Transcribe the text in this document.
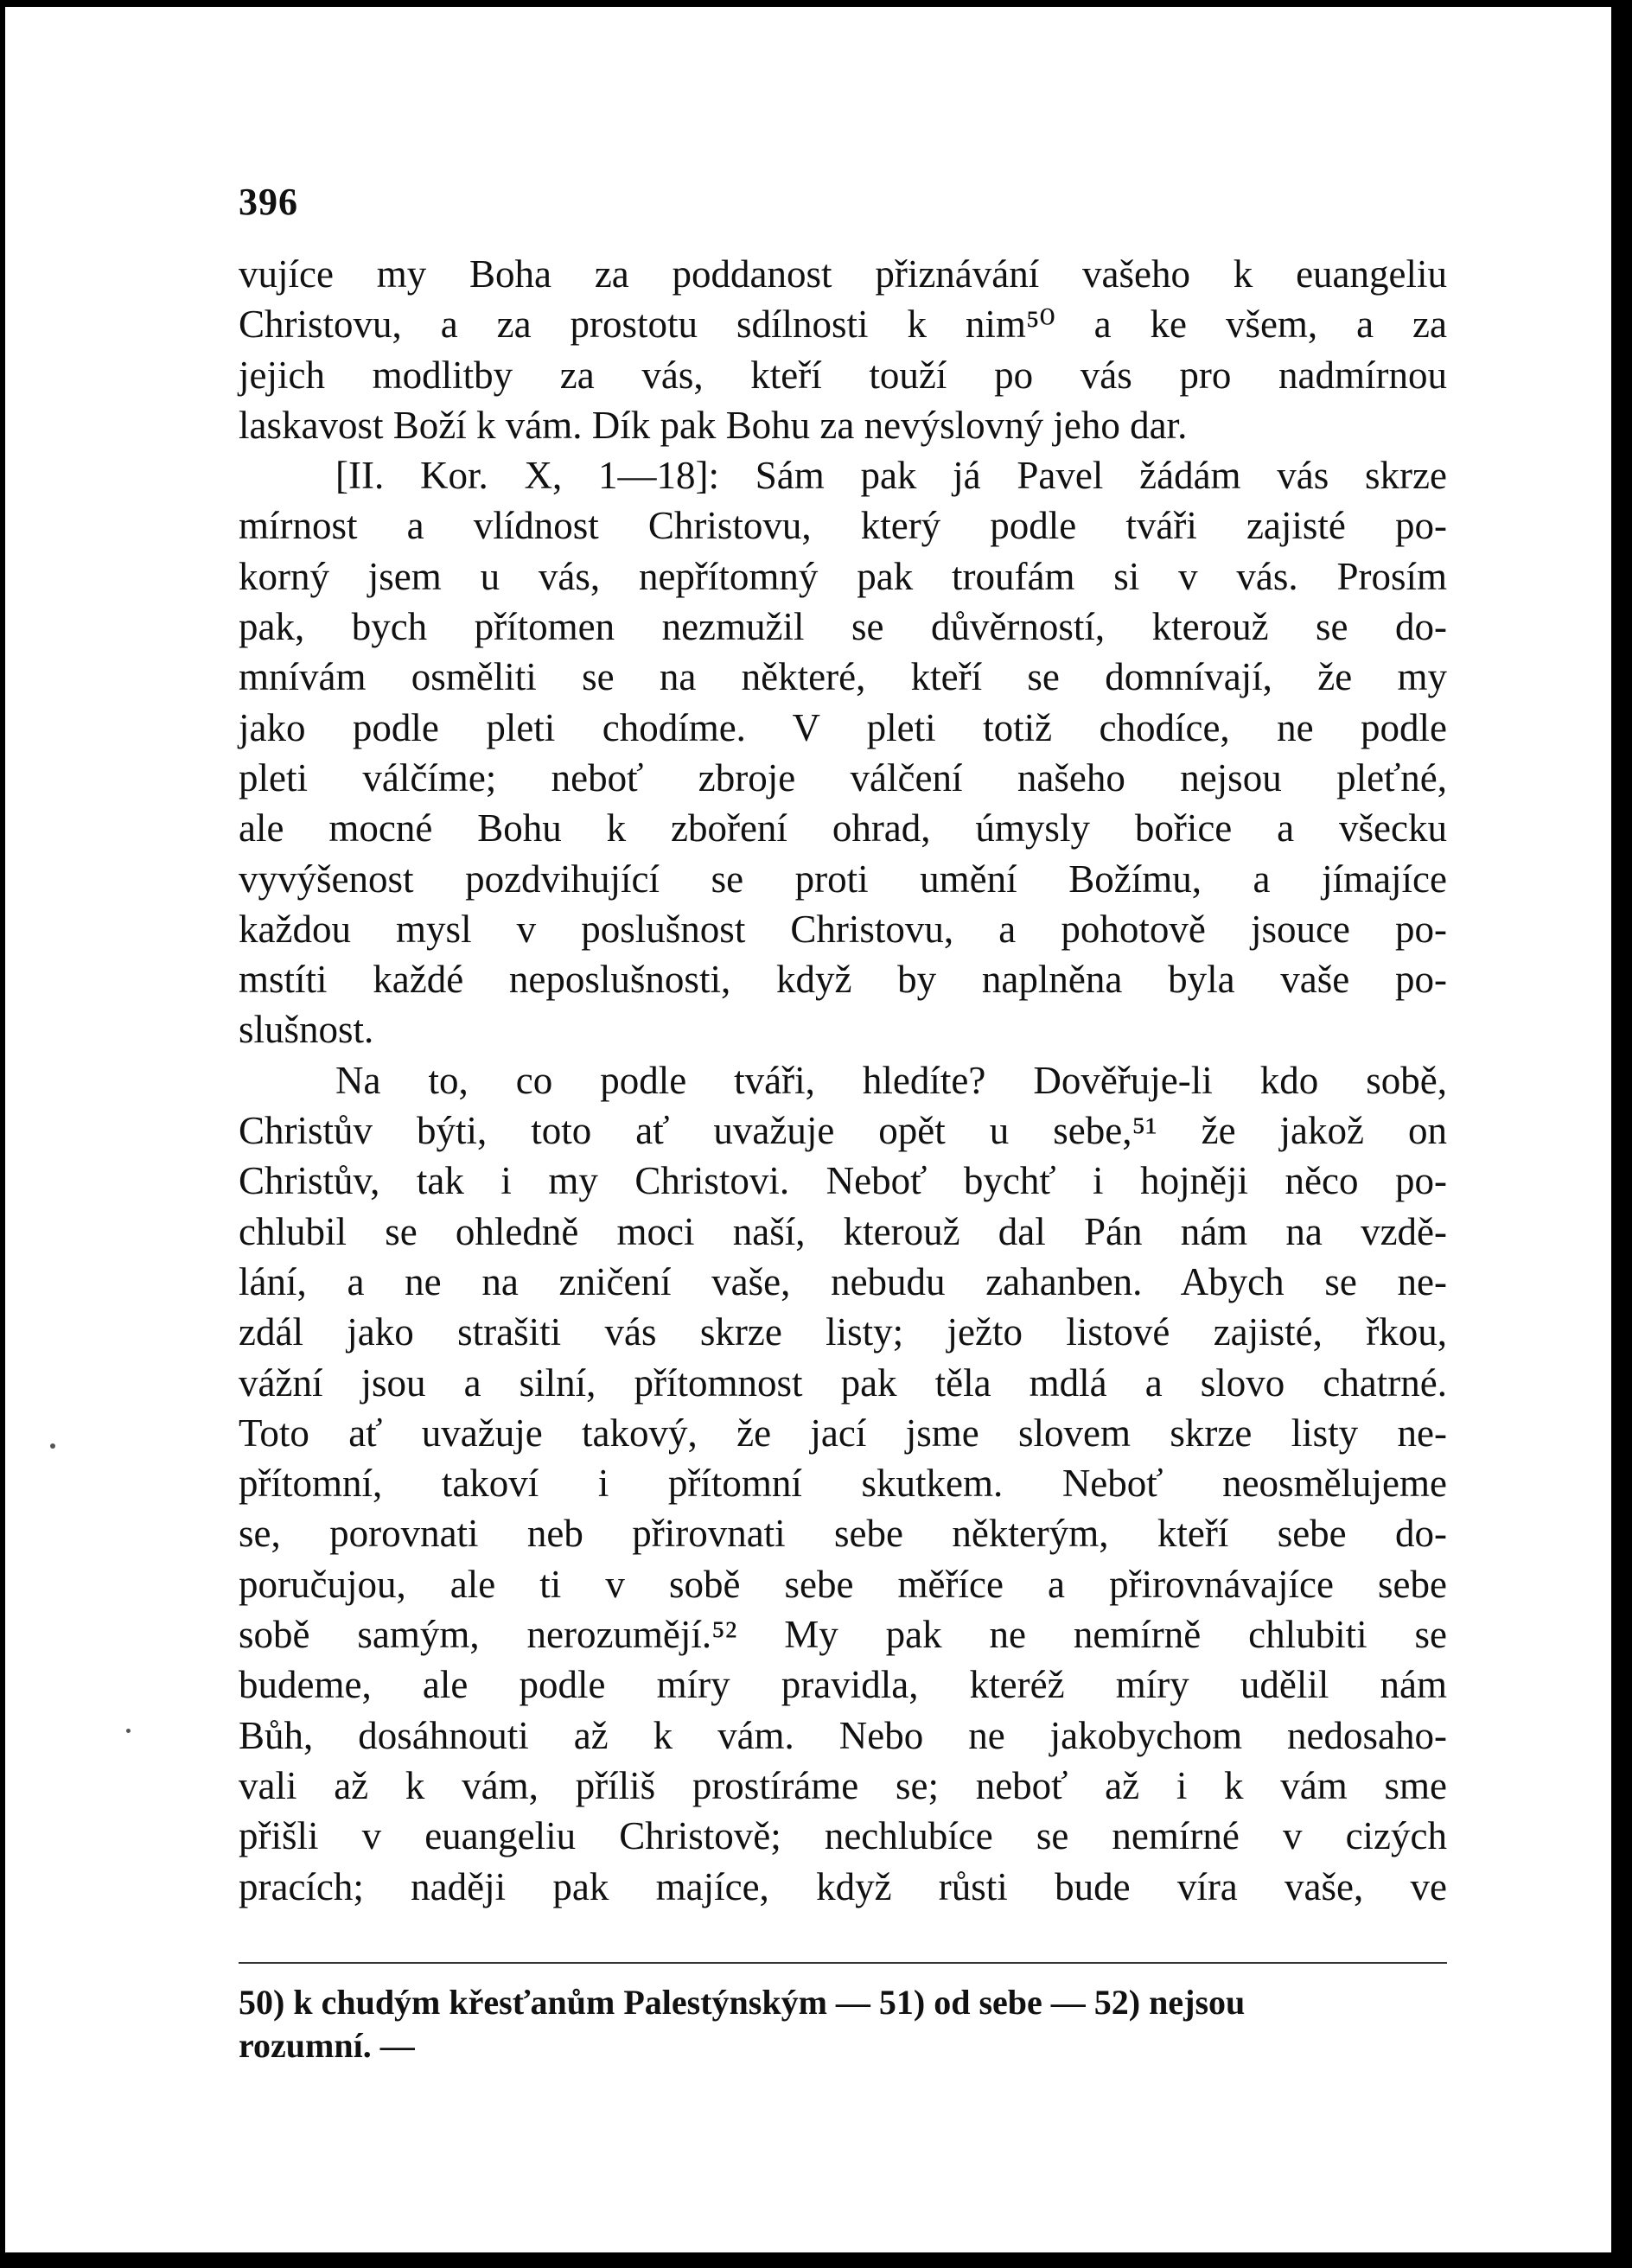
396
vujíce my Boha za poddanost přiznávání vašeho k euangeliu
Christovu, a za prostotu sdílnosti k nim⁵⁰ a ke všem, a za
jejich modlitby za vás, kteří touží po vás pro nadmírnou
laskavost Boží k vám. Dík pak Bohu za nevýslovný jeho dar.
[II. Kor. X, 1—18]: Sám pak já Pavel žádám vás skrze
mírnost a vlídnost Christovu, který podle tváři zajisté po-
korný jsem u vás, nepřítomný pak troufám si v vás. Prosím
pak, bych přítomen nezmužil se důvěrností, kterouž se do-
mnívám osměliti se na některé, kteří se domnívají, že my
jako podle pleti chodíme. V pleti totiž chodíce, ne podle
pleti válčíme; neboť zbroje válčení našeho nejsou pleťné,
ale mocné Bohu k zboření ohrad, úmysly bořice a všecku
vyvýšenost pozdvihující se proti umění Božímu, a jímajíce
každou mysl v poslušnost Christovu, a pohotově jsouce po-
mstíti každé neposlušnosti, když by naplněna byla vaše po-
slušnost.
Na to, co podle tváři, hledíte? Dověřuje-li kdo sobě,
Christův býti, toto ať uvažuje opět u sebe,⁵¹ že jakož on
Christův, tak i my Christovi. Neboť bychť i hojněji něco po-
chlubil se ohledně moci naší, kterouž dal Pán nám na vzdě-
lání, a ne na zničení vaše, nebudu zahanben. Abych se ne-
zdál jako strašiti vás skrze listy; ježto listové zajisté, řkou,
vážní jsou a silní, přítomnost pak těla mdlá a slovo chatrné.
Toto ať uvažuje takový, že jací jsme slovem skrze listy ne-
přítomní, takoví i přítomní skutkem. Neboť neosmělujeme
se, porovnati neb přirovnati sebe některým, kteří sebe do-
poručujou, ale ti v sobě sebe měříce a přirovnávajíce sebe
sobě samým, nerozumějí.⁵² My pak ne nemírně chlubiti se
budeme, ale podle míry pravidla, kteréž míry udělil nám
Bůh, dosáhnouti až k vám. Nebo ne jakobychom nedosaho-
vali až k vám, příliš prostíráme se; neboť až i k vám sme
přišli v euangeliu Christově; nechlubíce se nemírné v cizých
pracích; naději pak majíce, když růsti bude víra vaše, ve
50) k chudým křesťanům Palestýnským — 51) od sebe — 52) nejsou
rozumní. —
